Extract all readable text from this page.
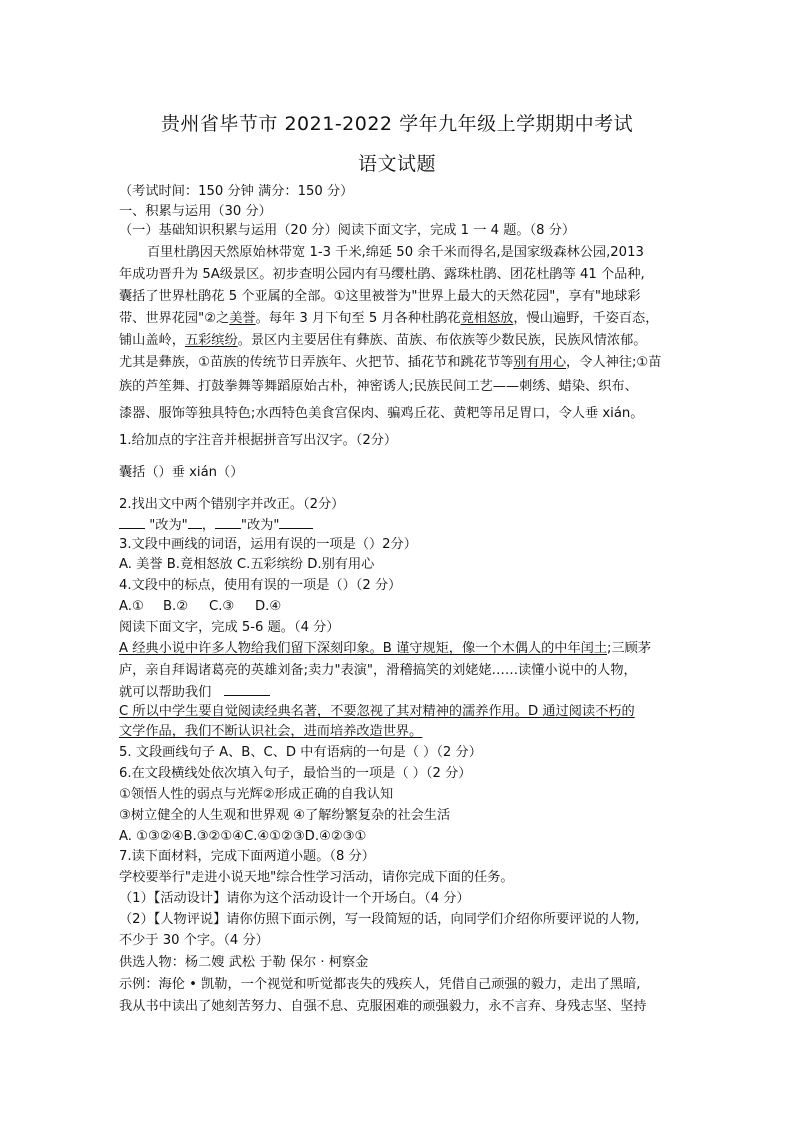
贵州省毕节市 2021-2022 学年九年级上学期期中考试
语文试题
（考试时间：150 分钟 满分：150 分）
一、积累与运用（30 分）
（一）基础知识积累与运用（20 分）阅读下面文字，完成 1 一 4 题。（8 分）
百里杜鹃因天然原始林带宽 1-3 千米,绵延 50 余千米而得名,是国家级森林公园,2013
年成功晋升为 5A级景区。初步查明公园内有马缨杜鹃、露珠杜鹃、团花杜鹃等 41 个品种,
囊括了世界杜鹃花 5 个亚属的全部。①这里被誉为"世界上最大的天然花园"，享有"地球彩
带、世界花园"②之美誉。每年 3 月下旬至 5 月各种杜鹃花竟相怒放，慢山遍野，千姿百态，
铺山盖岭，五彩缤纷。景区内主要居住有彝族、苗族、布依族等少数民族，民族风情浓郁。
尤其是彝族，①苗族的传统节日弄族年、火把节、插花节和跳花节等别有用心，令人神往;①苗
族的芦笙舞、打鼓拳舞等舞蹈原始古朴，神密诱人;民族民间工艺——刺绣、蜡染、织布、
漆器、服饰等独具特色;水西特色美食宫保肉、骗鸡丘花、黄粑等吊足胃口，令人垂 xián。
1.给加点的字注音并根据拼音写出汉字。（2分）
囊括（）垂 xián（）
2.找出文中两个错别字并改正。（2分）
"改为" ， "改为"
3.文段中画线的词语，运用有误的一项是（）2分）
A. 美誉 B.竟相怒放 C.五彩缤纷 D.别有用心
4.文段中的标点，使用有误的一项是（）（2 分）
A.① B.② C.③ D.④
阅读下面文字，完成 5-6 题。（4 分）
A 经典小说中许多人物给我们留下深刻印象。B 谨守规矩，像一个木偶人的中年闰土;三顾茅
庐，亲自拜谒诸葛亮的英雄刘备;卖力"表演"，滑稽搞笑的刘姥姥……读懂小说中的人物，
就可以帮助我们
C 所以中学生要自觉阅读经典名著，不要忽视了其对精神的濡养作用。D 通过阅读不朽的
文学作品，我们不断认识社会，进而培养改造世界。
5. 文段画线句子 A、B、C、D 中有语病的一句是（ ）（2 分）
6.在文段横线处依次填入句子，最恰当的一项是（ ）（2 分）
①领悟人性的弱点与光辉②形成正确的自我认知
③树立健全的人生观和世界观 ④了解纷繁复杂的社会生活
A. ①③②④B.③②①④C.④①②③D.④②③①
7.读下面材料，完成下面两道小题。（8 分）
学校要举行"走进小说天地"综合性学习活动，请你完成下面的任务。
（1）【活动设计】请你为这个活动设计一个开场白。（4 分）
（2）【人物评说】请你仿照下面示例，写一段简短的话，向同学们介绍你所要评说的人物,
不少于 30 个字。（4 分）
供选人物：杨二嫂 武松 于勒 保尔 · 柯察金
示例：海伦 • 凯勒，一个视觉和听觉都丧失的残疾人，凭借自己顽强的毅力，走出了黑暗,
我从书中读出了她刻苦努力、自强不息、克服困难的顽强毅力，永不言弃、身残志坚、坚持
